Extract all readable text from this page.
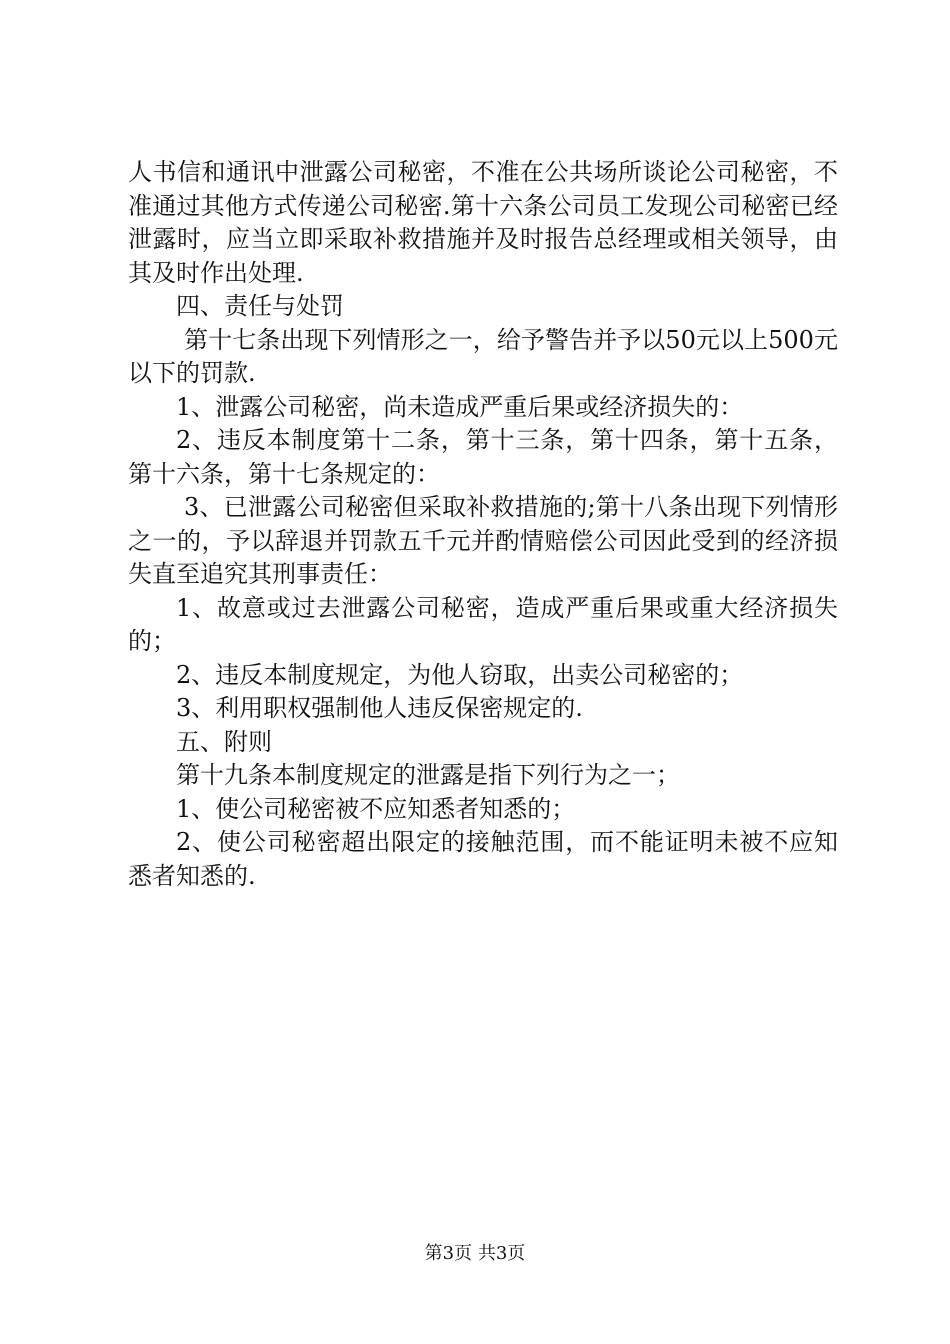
人书信和通讯中泄露公司秘密，不准在公共场所谈论公司秘密，不准通过其他方式传递公司秘密.第十六条公司员工发现公司秘密已经泄露时，应当立即采取补救措施并及时报告总经理或相关领导，由其及时作出处理.

四、责任与处罚

第十七条出现下列情形之一，给予警告并予以50元以上500元以下的罚款.

1、泄露公司秘密，尚未造成严重后果或经济损失的：

2、违反本制度第十二条，第十三条，第十四条，第十五条，第十六条，第十七条规定的：

3、已泄露公司秘密但采取补救措施的;第十八条出现下列情形之一的，予以辞退并罚款五千元并酌情赔偿公司因此受到的经济损失直至追究其刑事责任：

1、故意或过去泄露公司秘密，造成严重后果或重大经济损失的；

2、违反本制度规定，为他人窃取，出卖公司秘密的；

3、利用职权强制他人违反保密规定的.

五、附则

第十九条本制度规定的泄露是指下列行为之一；

1、使公司秘密被不应知悉者知悉的；

2、使公司秘密超出限定的接触范围，而不能证明未被不应知悉者知悉的.

第3页 共3页
